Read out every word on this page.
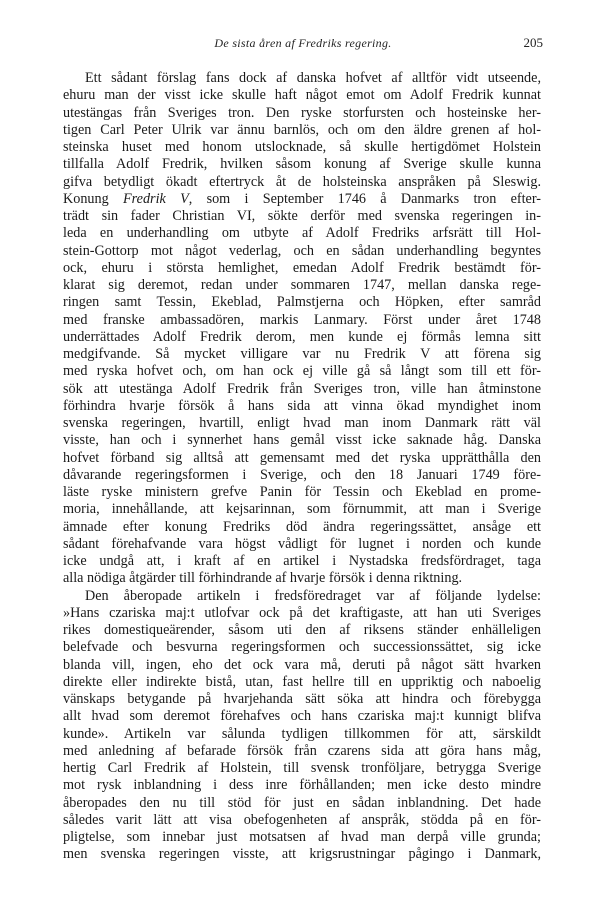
De sista åren af Fredriks regering.	205
Ett sådant förslag fans dock af danska hofvet af alltför vidt utseende,
ehuru man der visst icke skulle haft något emot om Adolf Fredrik kunnat
utestängas från Sveriges tron. Den ryske storfursten och hosteinske her-
tigen Carl Peter Ulrik var ännu barnlös, och om den äldre grenen af hol-
steinska huset med honom utslocknade, så skulle hertigdömet Holstein
tillfalla Adolf Fredrik, hvilken såsom konung af Sverige skulle kunna
gifva betydligt ökadt eftertryck åt de holsteinska anspråken på Sleswig.
Konung Fredrik V, som i September 1746 å Danmarks tron efter-
trädt sin fader Christian VI, sökte derför med svenska regeringen in-
leda en underhandling om utbyte af Adolf Fredriks arfsrätt till Hol-
stein-Gottorp mot något vederlag, och en sådan underhandling begyntes
ock, ehuru i största hemlighet, emedan Adolf Fredrik bestämdt för-
klarat sig deremot, redan under sommaren 1747, mellan danska rege-
ringen samt Tessin, Ekeblad, Palmstjerna och Höpken, efter samråd
med franske ambassadören, markis Lanmary. Först under året 1748
underrättades Adolf Fredrik derom, men kunde ej förmås lemna sitt
medgifvande. Så mycket villigare var nu Fredrik V att förena sig
med ryska hofvet och, om han ock ej ville gå så långt som till ett för-
sök att utestänga Adolf Fredrik från Sveriges tron, ville han åtminstone
förhindra hvarje försök å hans sida att vinna ökad myndighet inom
svenska regeringen, hvartill, enligt hvad man inom Danmark rätt väl
visste, han och i synnerhet hans gemål visst icke saknade håg. Danska
hofvet förband sig alltså att gemensamt med det ryska upprätthålla den
dåvarande regeringsformen i Sverige, och den 18 Januari 1749 före-
läste ryske ministern grefve Panin för Tessin och Ekeblad en prome-
moria, innehållande, att kejsarinnan, som förnummit, att man i Sverige
ämnade efter konung Fredriks död ändra regeringssättet, ansåge ett
sådant förehafvande vara högst vådligt för lugnet i norden och kunde
icke undgå att, i kraft af en artikel i Nystadska fredsfördraget, taga
alla nödiga åtgärder till förhindrande af hvarje försök i denna riktning.
Den åberopade artikeln i fredsföredraget var af följande lydelse:
»Hans czariska maj:t utlofvar ock på det kraftigaste, att han uti Sveriges
rikes domestiqueärender, såsom uti den af riksens ständer enhälleligen
belefvade och besvurna regeringsformen och successionssättet, sig icke
blanda vill, ingen, eho det ock vara må, deruti på något sätt hvarken
direkte eller indirekte bistå, utan, fast hellre till en uppriktig och naboelig
vänskaps betygande på hvarjehanda sätt söka att hindra och förebygga
allt hvad som deremot förehafves och hans czariska maj:t kunnigt blifva
kunde». Artikeln var sålunda tydligen tillkommen för att, särskildt
med anledning af befarade försök från czarens sida att göra hans måg,
hertig Carl Fredrik af Holstein, till svensk tronföljare, betrygga Sverige
mot rysk inblandning i dess inre förhållanden; men icke desto mindre
åberopades den nu till stöd för just en sådan inblandning. Det hade
således varit lätt att visa obefogenheten af anspråk, stödda på en för-
pligtelse, som innebar just motsatsen af hvad man derpå ville grunda;
men svenska regeringen visste, att krigsrustningar pågingo i Danmark,
